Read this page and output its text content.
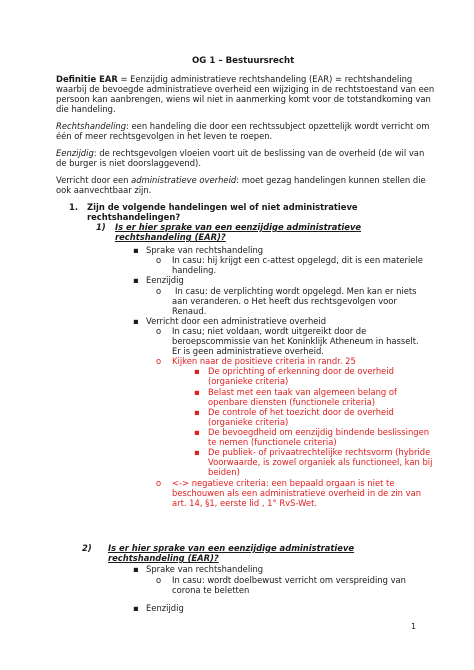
OG 1 – Bestuursrecht
Definitie EAR = Eenzijdig administratieve rechtshandeling (EAR) = rechtshandeling
waarbij de bevoegde administratieve overheid een wijziging in de rechtstoestand van een
persoon kan aanbrengen, wiens wil niet in aanmerking komt voor de totstandkoming van
die handeling.
Rechtshandeling: een handeling die door een rechtssubject opzettelijk wordt verricht om
één of meer rechtsgevolgen in het leven te roepen.
Eenzijdig: de rechtsgevolgen vloeien voort uit de beslissing van de overheid (de wil van
de burger is niet doorslaggevend).
Verricht door een administratieve overheid: moet gezag handelingen kunnen stellen die
ook aanvechtbaar zijn.
1. Zijn de volgende handelingen wel of niet administratieve
rechtshandelingen?
1) Is er hier sprake van een eenzijdige administratieve
rechtshandeling (EAR)?
▪ Sprake van rechtshandeling
o In casu: hij krijgt een c-attest opgelegd, dit is een materiele
handeling.
▪ Eenzijdig
o In casu: de verplichting wordt opgelegd. Men kan er niets
aan veranderen. o Het heeft dus rechtsgevolgen voor
Renaud.
▪ Verricht door een administratieve overheid
o In casu; niet voldaan, wordt uitgereikt door de
beroepscommissie van het Koninklijk Atheneum in hasselt.
Er is geen administratieve overheid.
o Kijken naar de positieve criteria in randr. 25
▪ De oprichting of erkenning door de overheid
(organieke criteria)
▪ Belast met een taak van algemeen belang of
openbare diensten (functionele criteria)
▪ De controle of het toezicht door de overheid
(organieke criteria)
▪ De bevoegdheid om eenzijdig bindende beslissingen
te nemen (functionele criteria)
▪ De publiek- of privaatrechtelijke rechtsvorm (hybride
Voorwaarde, is zowel organiek als functioneel, kan bij
beiden)
o <-> negatieve criteria: een bepaald orgaan is niet te
beschouwen als een administratieve overheid in de zin van
art. 14, §1, eerste lid , 1° RvS-Wet.
2) Is er hier sprake van een eenzijdige administratieve
rechtshandeling (EAR)?
▪ Sprake van rechtshandeling
o In casu: wordt doelbewust verricht om verspreiding van
corona te beletten
▪ Eenzijdig
1
